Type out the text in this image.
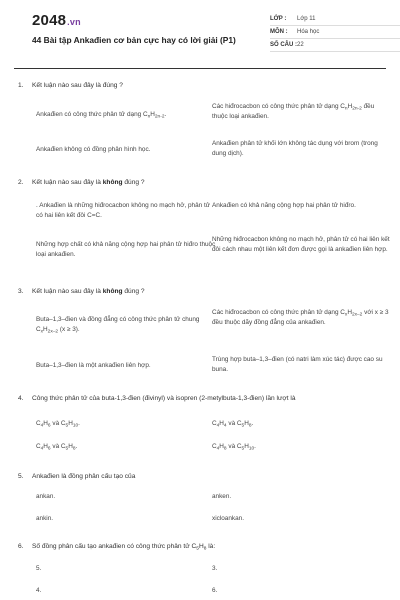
2048.vn
44 Bài tập Ankađien cơ bản cực hay có lời giải (P1)
LỚP :	Lớp 11
MÔN :	Hóa học
SỐ CÂU : 22
1.	Kết luận nào sau đây là đúng ?
Ankađien có công thức phân tử dạng $C_nH_{2n-2}$.
Các hiđrocacbon có công thức phân tử dạng $C_nH_{2n-2}$ đều thuộc loại ankađien.
Ankađien không có đồng phân hình học.
Ankađien phân tử khối lớn không tác dụng với brom (trong dung dịch).
2.	Kết luận nào sau đây là không đúng ?
. Ankađien là những hiđrocacbon không no mạch hở, phân tử có hai liên kết đôi C=C.
Ankađien có khả năng cộng hợp hai phân tử hiđro.
Những hợp chất có khả năng cộng hợp hai phân tử hiđro thuộc loại ankađien.
Những hiđrocacbon không no mạch hở, phân tử có hai liên kết đôi cách nhau một liên kết đơn được gọi là ankađien liên hợp.
3.	Kết luận nào sau đây là không đúng ?
Buta–1,3–đien và đồng đẳng có công thức phân tử chung $C_xH_{2x-2}$ (x ≥ 3).
Các hiđrocacbon có công thức phân tử dạng $C_xH_{2x-2}$ với x ≥ 3 đều thuộc dãy đồng đẳng của ankađien.
Buta–1,3–đien là một ankađien liên hợp.
Trùng hợp buta–1,3–đien (có natri làm xúc tác) được cao su buna.
4.	Công thức phân tử của buta-1,3-đien (đivinyl) và isopren (2-metylbuta-1,3-đien) lần lượt là
$C_4H_6$ và $C_5H_{10}$.	$C_4H_4$ và $C_5H_8$.
$C_4H_6$ và $C_5H_8$.	$C_4H_8$ và $C_5H_{10}$.
5.	Ankađien là đồng phân cấu tạo của
ankan.	anken.
ankin.	xicloankan.
6.	Số đồng phân cấu tạo ankađien có công thức phân tử $C_5H_8$ là:
5.	3.
4.	6.
